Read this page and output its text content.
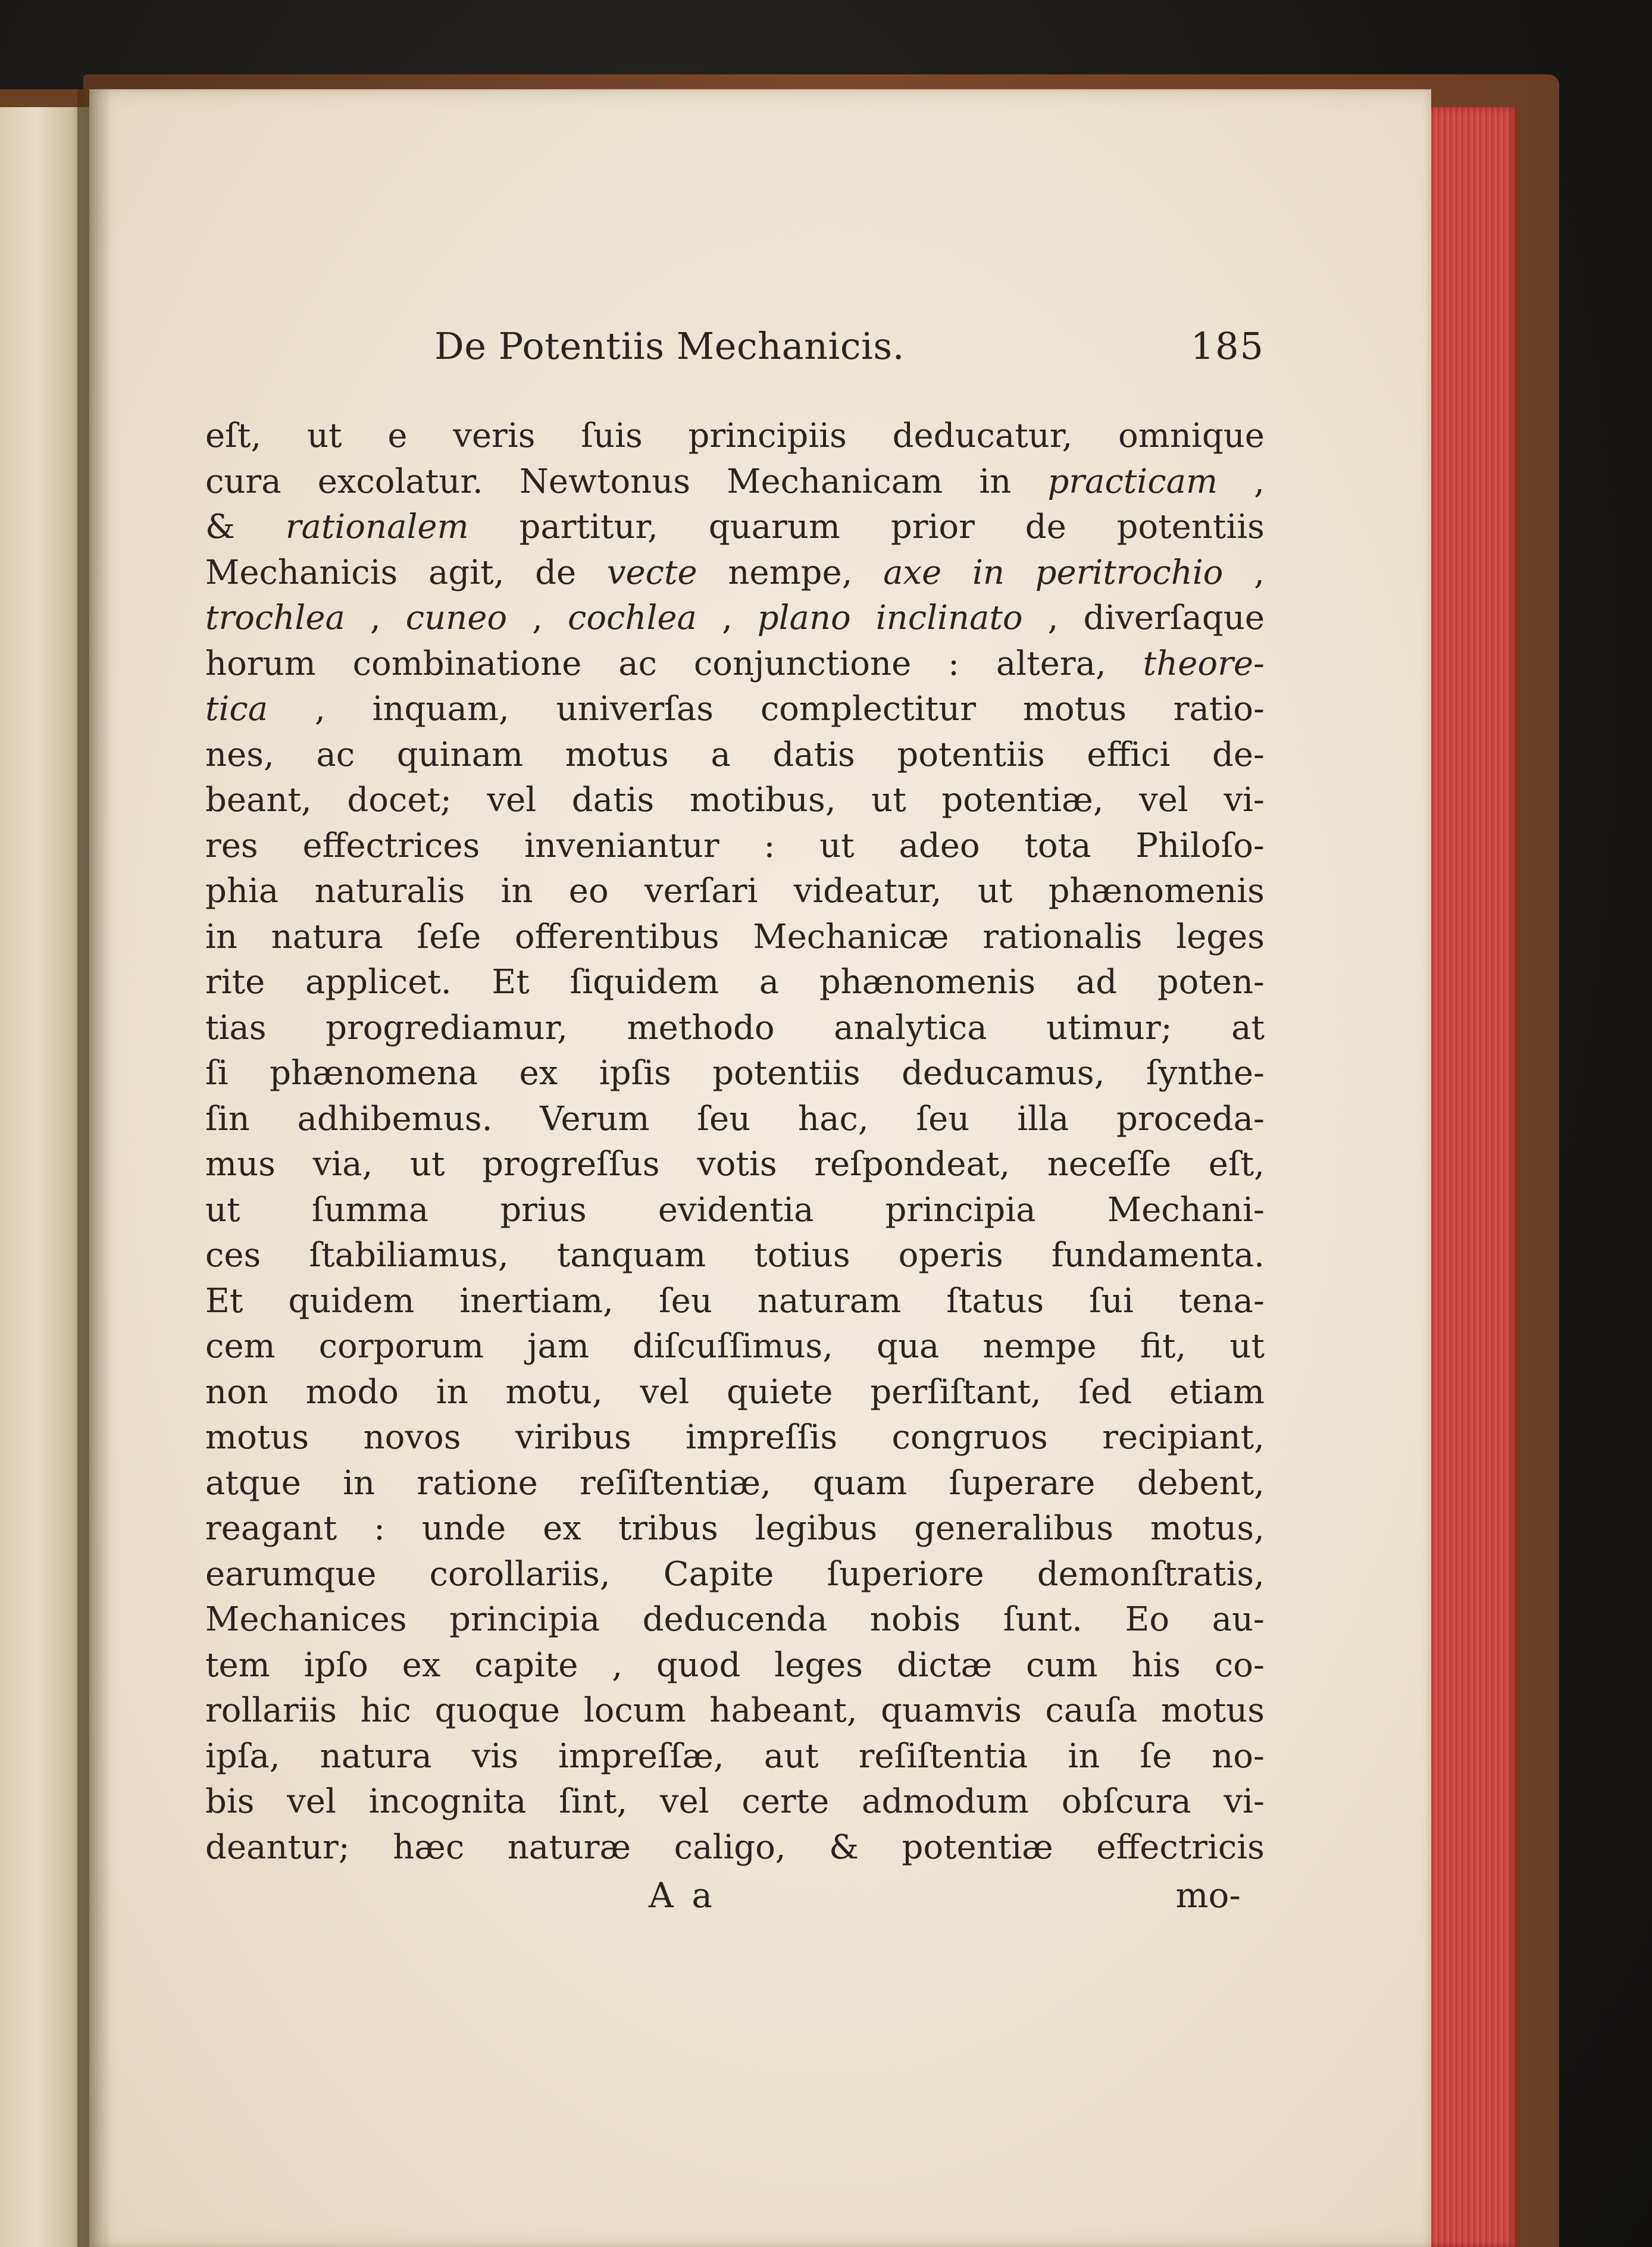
De Potentiis Mechanicis.	185
eſt, ut e veris ſuis principiis deducatur, omnique
cura excolatur. Newtonus Mechanicam in practicam ,
& rationalem partitur, quarum prior de potentiis
Mechanicis agit, de vecte nempe, axe in peritrochio ,
trochlea , cuneo , cochlea , plano inclinato , diverſaque
horum combinatione ac conjunctione : altera, theore-
tica , inquam, univerſas complectitur motus ratio-
nes, ac quinam motus a datis potentiis effici de-
beant, docet; vel datis motibus, ut potentiæ, vel vi-
res effectrices inveniantur : ut adeo tota Philoſo-
phia naturalis in eo verſari videatur, ut phænomenis
in natura ſeſe offerentibus Mechanicæ rationalis leges
rite applicet. Et ſiquidem a phænomenis ad poten-
tias progrediamur, methodo analytica utimur; at
ſi phænomena ex ipſis potentiis deducamus, ſynthe-
ſin adhibemus. Verum ſeu hac, ſeu illa proceda-
mus via, ut progreſſus votis reſpondeat, neceſſe eſt,
ut ſumma prius evidentia principia Mechani-
ces ſtabiliamus, tanquam totius operis fundamenta.
Et quidem inertiam, ſeu naturam ſtatus ſui tena-
cem corporum jam diſcuſſimus, qua nempe fit, ut
non modo in motu, vel quiete perſiſtant, ſed etiam
motus novos viribus impreſſis congruos recipiant,
atque in ratione reſiſtentiæ, quam ſuperare debent,
reagant : unde ex tribus legibus generalibus motus,
earumque corollariis, Capite ſuperiore demonſtratis,
Mechanices principia deducenda nobis ſunt. Eo au-
tem ipſo ex capite , quod leges dictæ cum his co-
rollariis hic quoque locum habeant, quamvis cauſa motus
ipſa, natura vis impreſſæ, aut reſiſtentia in ſe no-
bis vel incognita ſint, vel certe admodum obſcura vi-
deantur; hæc naturæ caligo, & potentiæ effectricis
A a	mo-
